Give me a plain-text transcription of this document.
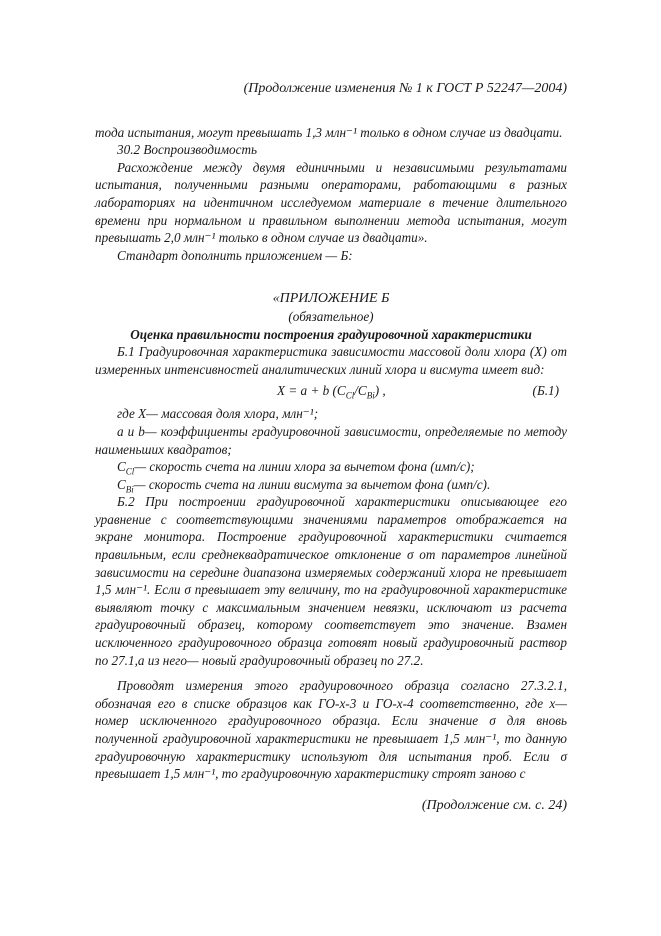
(Продолжение изменения № 1 к ГОСТ Р 52247—2004)

тода испытания, могут превышать 1,3 млн⁻¹ только в одном случае из двадцати.

30.2 Воспроизводимость

Расхождение между двумя единичными и независимыми результатами испытания, полученными разными операторами, работающими в разных лабораториях на идентичном исследуемом материале в течение длительного времени при нормальном и правильном выполнении метода испытания, могут превышать 2,0 млн⁻¹ только в одном случае из двадцати».

Стандарт дополнить приложением — Б:

«ПРИЛОЖЕНИЕ Б

(обязательное)

Оценка правильности построения градуировочной характеристики

Б.1 Градуировочная характеристика зависимости массовой доли хлора (X) от измеренных интенсивностей аналитических линий хлора и висмута имеет вид:

X = a + b $(C_{Cl}/C_{Bi})$ ,	(Б.1)

где X— массовая доля хлора, млн⁻¹;

a и b— коэффициенты градуировочной зависимости, определяемые по методу наименьших квадратов;

$C_{Cl}—$ скорость счета на линии хлора за вычетом фона (имп/с);

$C_{Bi}—$ скорость счета на линии висмута за вычетом фона (имп/с).

Б.2 При построении градуировочной характеристики описывающее его уравнение с соответствующими значениями параметров отображается на экране монитора. Построение градуировочной характеристики считается правильным, если среднеквадратическое отклонение σ от параметров линейной зависимости на середине диапазона измеряемых содержаний хлора не превышает 1,5 млн⁻¹. Если σ превышает эту величину, то на градуировочной характеристике выявляют точку с максимальным значением невязки, исключают из расчета градуировочный образец, которому соответствует это значение. Взамен исключенного градуировочного образца готовят новый градуировочный раствор по 27.1,а из него— новый градуировочный образец по 27.2.

Проводят измерения этого градуировочного образца согласно 27.3.2.1, обозначая его в списке образцов как ГО-х-3 и ГО-х-4 соответственно, где х— номер исключенного градуировочного образца. Если значение σ для вновь полученной градуировочной характеристики не превышает 1,5 млн⁻¹, то данную градуировочную характеристику используют для испытания проб. Если σ превышает 1,5 млн⁻¹, то градуировочную характеристику строят заново с

(Продолжение см. с. 24)
